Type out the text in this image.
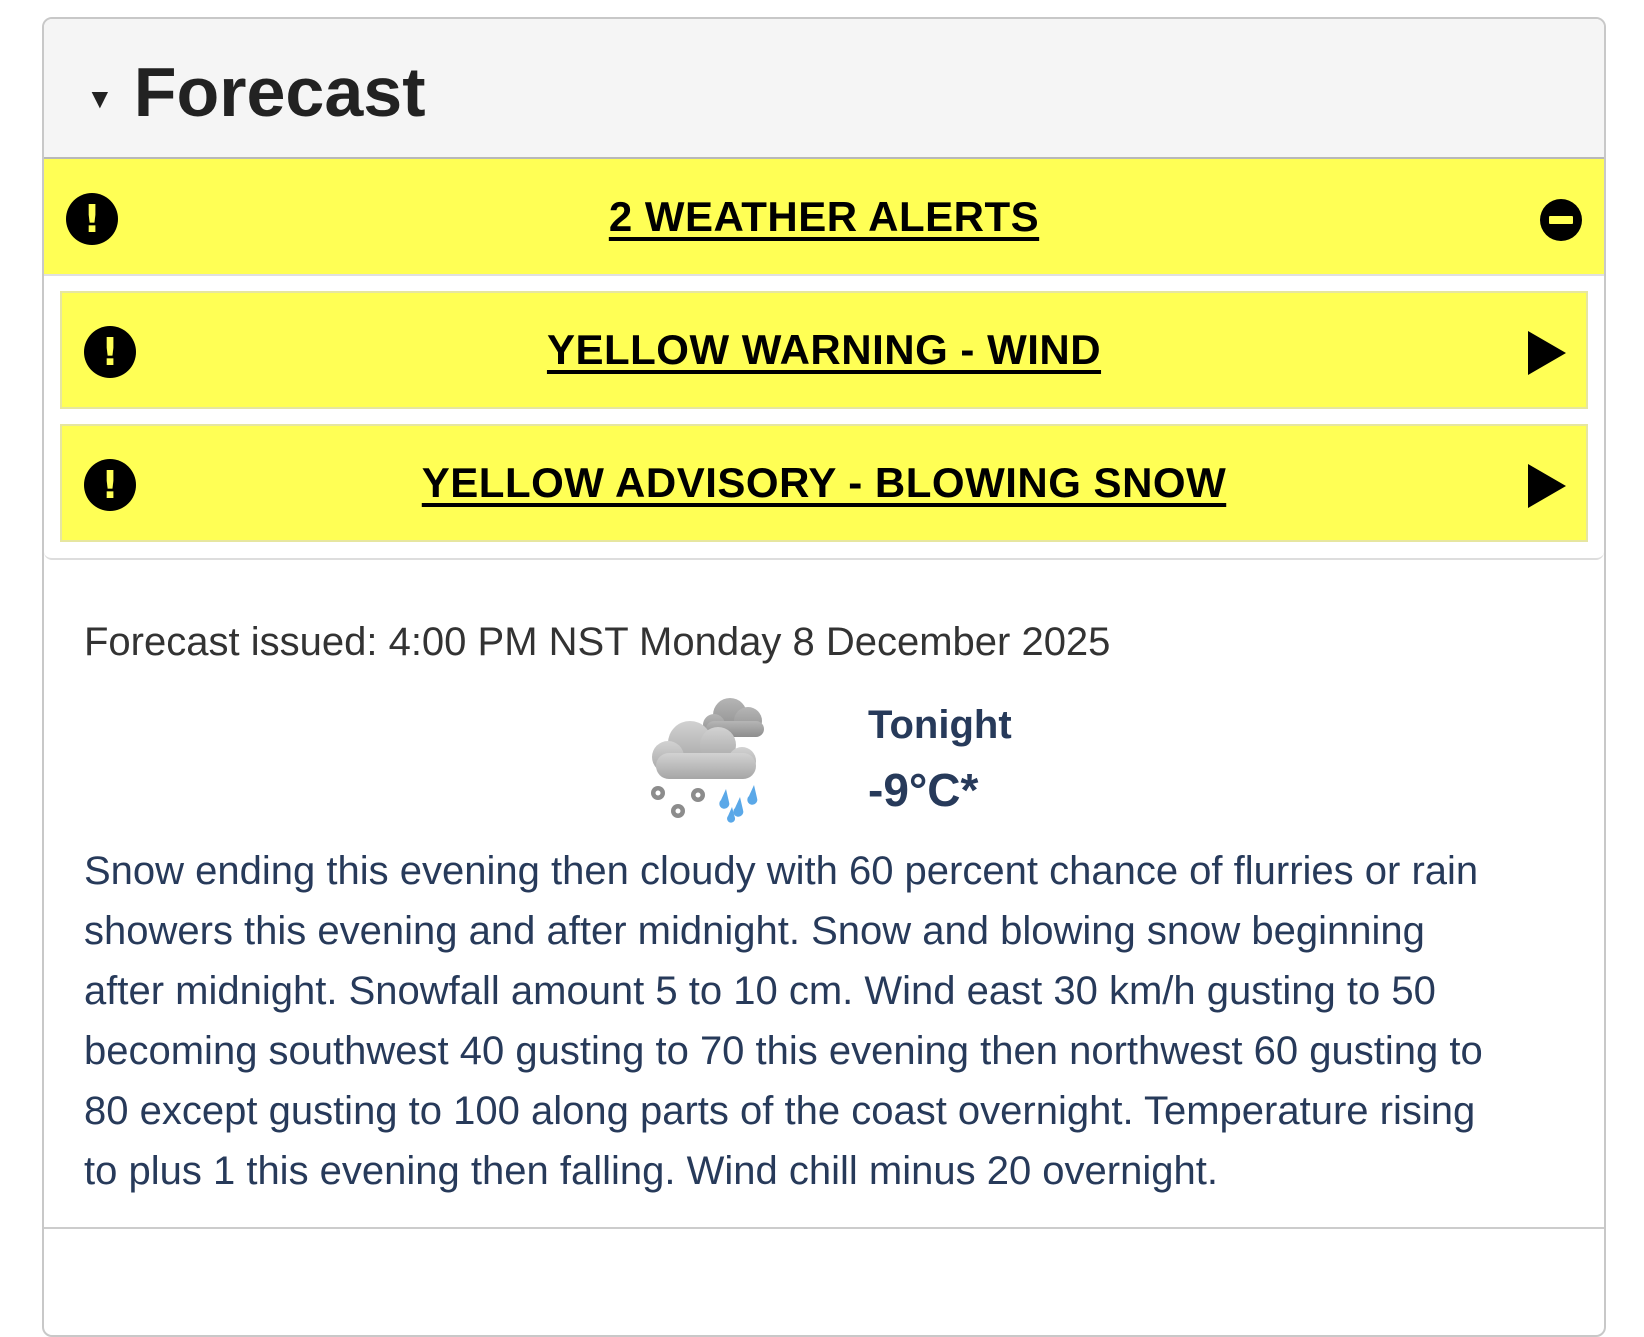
▼ Forecast
!	2 WEATHER ALERTS
!	YELLOW WARNING - WIND
!	YELLOW ADVISORY - BLOWING SNOW

Forecast issued: 4:00 PM NST Monday 8 December 2025

Tonight
-9°C*

Snow ending this evening then cloudy with 60 percent chance of flurries or rain showers this evening and after midnight. Snow and blowing snow beginning after midnight. Snowfall amount 5 to 10 cm. Wind east 30 km/h gusting to 50 becoming southwest 40 gusting to 70 this evening then northwest 60 gusting to 80 except gusting to 100 along parts of the coast overnight. Temperature rising to plus 1 this evening then falling. Wind chill minus 20 overnight.
